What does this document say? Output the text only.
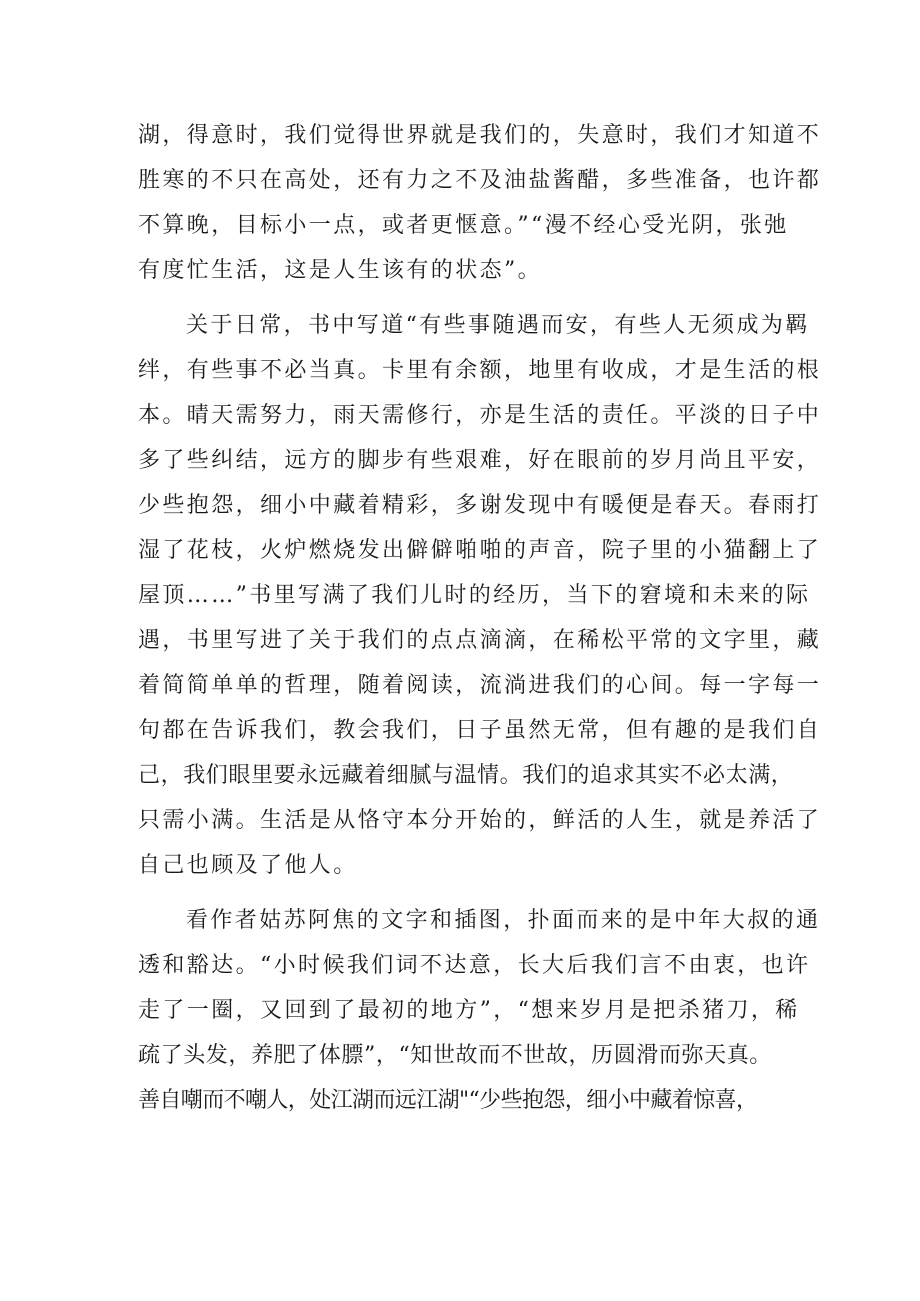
湖，得意时，我们觉得世界就是我们的，失意时，我们才知道不
胜寒的不只在高处，还有力之不及油盐酱醋，多些准备，也许都
不算晚，目标小一点，或者更惬意。”“漫不经心受光阴，张弛
有度忙生活，这是人生该有的状态”。
关于日常，书中写道“有些事随遇而安，有些人无须成为羁
绊，有些事不必当真。卡里有余额，地里有收成，才是生活的根
本。晴天需努力，雨天需修行，亦是生活的责任。平淡的日子中
多了些纠结，远方的脚步有些艰难，好在眼前的岁月尚且平安，
少些抱怨，细小中藏着精彩，多谢发现中有暖便是春天。春雨打
湿了花枝，火炉燃烧发出僻僻啪啪的声音，院子里的小猫翻上了
屋顶……”书里写满了我们儿时的经历，当下的窘境和未来的际
遇，书里写进了关于我们的点点滴滴，在稀松平常的文字里，藏
着简简单单的哲理，随着阅读，流淌进我们的心间。每一字每一
句都在告诉我们，教会我们，日子虽然无常，但有趣的是我们自
己，我们眼里要永远藏着细腻与温情。我们的追求其实不必太满，
只需小满。生活是从恪守本分开始的，鲜活的人生，就是养活了
自己也顾及了他人。
看作者姑苏阿焦的文字和插图，扑面而来的是中年大叔的通
透和豁达。“小时候我们词不达意，长大后我们言不由衷，也许
走了一圈，又回到了最初的地方”，“想来岁月是把杀猪刀，稀
疏了头发，养肥了体膘”，“知世故而不世故，历圆滑而弥天真。
善自嘲而不嘲人，处江湖而远江湖"“少些抱怨，细小中藏着惊喜，
